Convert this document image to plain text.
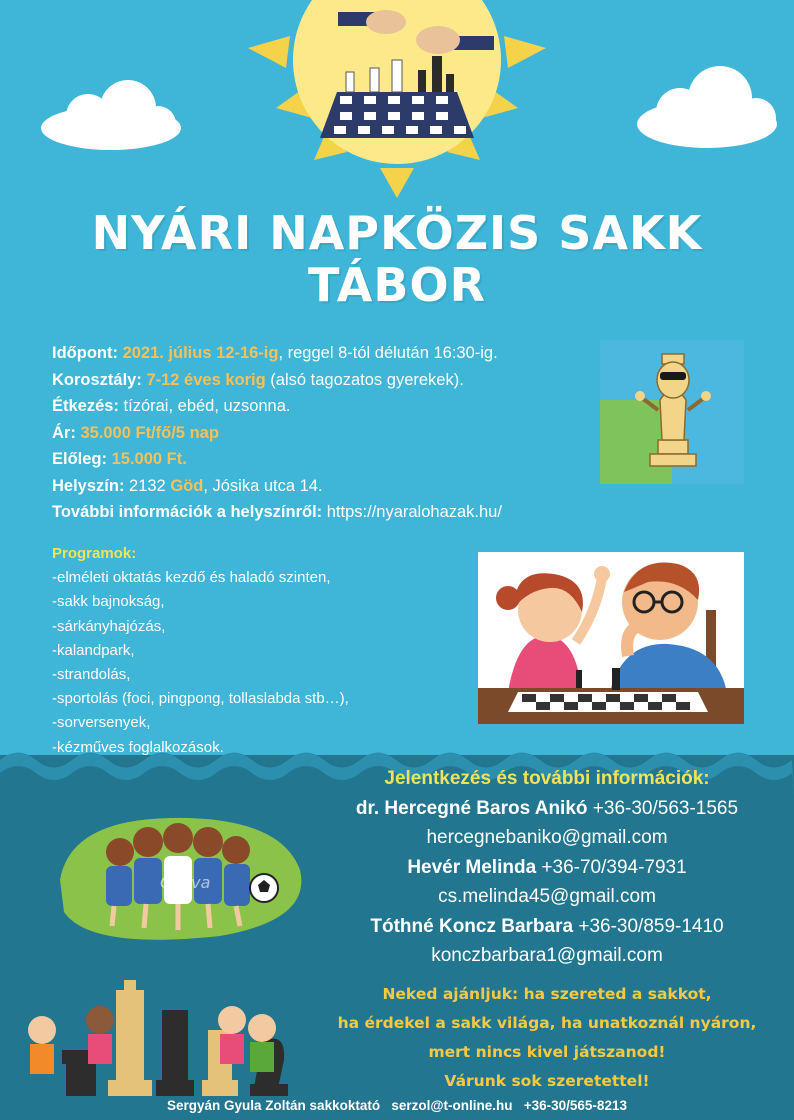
NYÁRI NAPKÖZIS SAKK
TÁBOR
Időpont: 2021. július 12-16-ig, reggel 8-tól délután 16:30-ig.
Korosztály: 7-12 éves korig (alsó tagozatos gyerekek).
Étkezés: tízórai, ebéd, uzsonna.
Ár: 35.000 Ft/fő/5 nap
Előleg: 15.000 Ft.
Helyszín: 2132 Göd, Jósika utca 14.
További információk a helyszínről: https://nyaralohazak.hu/
Programok:
-elméleti oktatás kezdő és haladó szinten,
-sakk bajnokság,
-sárkányhajózás,
-kalandpark,
-strandolás,
-sportolás (foci, pingpong, tollaslabda stb…),
-sorversenyek,
-kézműves foglalkozások.
Jelentkezés és további információk:
dr. Hercegné Baros Anikó +36-30/563-1565
hercegnebaniko@gmail.com
Hevér Melinda +36-70/394-7931
cs.melinda45@gmail.com
Tóthné Koncz Barbara +36-30/859-1410
konczbarbara1@gmail.com
Canva
Neked ajánljuk: ha szereted a sakkot,
ha érdekel a sakk világa, ha unatkoznál nyáron,
mert nincs kivel játszanod!
Várunk sok szeretettel!
Sergyán Gyula Zoltán sakkoktató   serzol@t-online.hu   +36-30/565-8213
